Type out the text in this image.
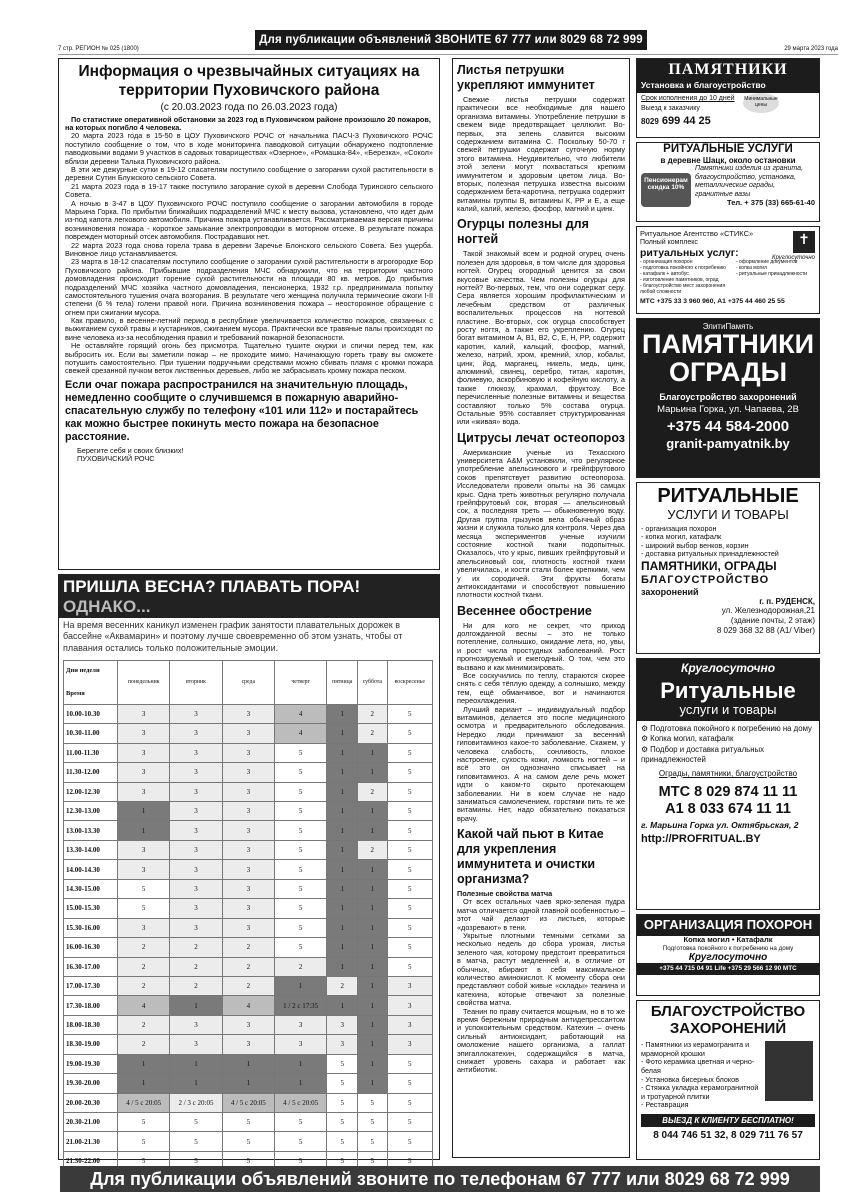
7 стр. РЕГИОН № 025 (1800)
Для публикации объявлений ЗВОНИТЕ 67 777 или 8029 68 72 999
29 марта 2023 года
Информация о чрезвычайных ситуациях на территории Пуховичского района
(с 20.03.2023 года по 26.03.2023 года)

По статистике оперативной обстановки за 2023 год в Пуховичском районе произошло 20 пожаров, на которых погибло 4 человека.

20 марта 2023 года в 15-50 в ЦОУ Пуховичского РОЧС от начальника ПАСЧ-3 Пуховичского РОЧС поступило сообщение о том, что в ходе мониторинга паводковой ситуации обнаружено подтопление паводковыми водами 9 участков в садовых товариществах «Озерное», «Ромашка-84», «Березка», «Сокол» вблизи деревни Талька Пуховичского района.

В эти же дежурные сутки в 19-12 спасателям поступило сообщение о загорании сухой растительности в деревни Сутин Блужского сельского Совета.

21 марта 2023 года в 19-17 также поступило загорание сухой в деревни Слобода Туринского сельского Совета.

А ночью в 3-47 в ЦОУ Пуховичского РОЧС поступило сообщение о загорании автомобиля в городе Марьина Горка. По прибытии ближайших подразделений МЧС к месту вызова, установлено, что идет дым из-под капота легкового автомобиля. Причина пожара устанавливается. Рассматриваемая версия причины возникновения пожара - короткое замыкание электропроводки в моторном отсеке. В результате пожара поврежден моторный отсек автомобиля. Пострадавших нет.

22 марта 2023 года снова горела трава в деревни Заречье Блонского сельского Совета. Без ущерба. Виновное лицо устанавливается.

23 марта в 18-12 спасателям поступило сообщение о загорании сухой растительности в агрогородке Бор Пуховичского района. Прибывшие подразделения МЧС обнаружили, что на территории частного домовладения происходит горение сухой растительности на площади 80 кв. метров. До прибытия подразделений МЧС хозяйка частного домовладения, пенсионерка, 1932 г.р. предпринимала попытку самостоятельного тушения очага возгорания. В результате чего женщина получила термические ожоги I-II степени (6 % тела) голени правой ноги. Причина возникновения пожара – неосторожное обращение с огнем при сжигании мусора.

Как правило, в весенне-летний период в республике увеличивается количество пожаров, связанных с выжиганием сухой травы и кустарников, сжиганием мусора. Практически все травяные палы происходят по вине человека из-за несоблюдения правил и требований пожарной безопасности.

Не оставляйте горящий огонь без присмотра. Тщательно тушите окурки и спички перед тем, как выбросить их. Если вы заметили пожар – не проходите мимо. Начинающую гореть траву вы сможете потушить самостоятельно. При тушении подручными средствами можно сбивать пламя с кромки пожара свежей срезанной пучком веток лиственных деревьев, либо же забрасывать кромку пожара песком.

Если очаг пожара распространился на значительную площадь, немедленно сообщите о случившемся в пожарную аварийно-спасательную службу по телефону «101 или 112» и постарайтесь как можно быстрее покинуть место пожара на безопасное расстояние.
Берегите себя и своих близких!
ПУХОВИЧСКИЙ РОЧС
ПРИШЛА ВЕСНА? ПЛАВАТЬ ПОРА! ОДНАКО...
На время весенних каникул изменен график занятости плавательных дорожек в бассейне «Аквамарин» и поэтому лучше своевременно об этом узнать, чтобы от плавания остались только положительные эмоции.
Дни недели
Время	понедельник	вторник	среда	четверг	пятница	суббота	воскресенье
10.00-10.30	3	3	3	4	1	2	5
10.30-11.00	3	3	3	4	1	2	5
11.00-11.30	3	3	3	5	1	1	5
11.30-12.00	3	3	3	5	1	1	5
12.00-12.30	3	3	3	5	1	2	5
12.30-13.00	1	3	3	5	1	1	5
13.00-13.30	1	3	3	5	1	1	5
13.30-14.00	3	3	3	5	1	2	5
14.00-14.30	3	3	3	5	1	1	5
14.30-15.00	5	3	3	5	1	1	5
15.00-15.30	5	3	3	5	1	1	5
15.30-16.00	3	3	3	5	1	1	5
16.00-16.30	2	2	2	5	1	1	5
16.30-17.00	2	2	2	2	1	1	5
17.00-17.30	2	2	2	1	2	1	3
17.30-18.00	4	1	4	1 / 2 c 17:35	1	1	3
18.00-18.30	2	3	3	3	3	1	3
18.30-19.00	2	3	3	3	3	1	3
19.00-19.30	1	1	1	1	5	1	5
19.30-20.00	1	1	1	1	5	1	5
20.00-20.30	4 / 5 c 20:05	2 / 3 c 20:05	4 / 5 c 20:05	4 / 5 c 20:05	5	5	5
20.30-21.00	5	5	5	5	5	5	5
21.00-21.30	5	5	5	5	5	5	5
21.30-22.00	5	5	5	5	5	5	5
Листья петрушки укрепляют иммунитет

Свежие листья петрушки содержат практически все необходимые для нашего организма витамины. Употребление петрушки в свежем виде предотвращает целлюлит. Во-первых, эта зелень славится высоким содержанием витамина С. Поскольку 50-70 г свежей петрушки содержат суточную норму этого витамина. Неудивительно, что любители этой зелени могут похвастаться крепким иммунитетом и здоровым цветом лица. Во-вторых, полезная петрушка известна высоким содержанием бета-каротина, петрушка содержит витамины группы В, витамины К, РР и Е, а еще калий, калий, железо, фосфор, магний и цинк.

Огурцы полезны для ногтей

Такой знакомый всем и родной огурец очень полезен для здоровья, в том числе для здоровья ногтей. Огурец огородный ценится за свои вкусовые качества. Чем полезны огурцы для ногтей? Во-первых, тем, что они содержат серу. Сера является хорошим профилактическим и лечебным средством от различных воспалительных процессов на ногтевой пластине. Во-вторых, сок огурца способствует росту ногтя, а также его укреплению. Огурец богат витамином A, B1, B2, C, E, H, PP, содержит каротин, калий, кальций, фосфор, магний, железо, натрий, хром, кремний, хлор, кобальт, цинк, йод, марганец, никель, медь, цинк, алюминий, свинец, серебро, титан, каротин, фолиевую, аскорбиновую и кофейную кислоту, а также глюкозу, крахмал, фруктозу. Все перечисленные полезные витамины и вещества составляют только 5% состава огурца. Остальные 95% составляет структурированная или «живая» вода.

Цитрусы лечат остеопороз

Американские ученые из Техасского университета A&M установили, что регулярное употребление апельсинового и грейпфрутового соков препятствует развитию остеопороза. Исследователи провели опыты на 36 самцах крыс. Одна треть животных регулярно получала грейпфрутовый сок, вторая — апельсиновый сок, а последняя треть — обыкновенную воду. Другая группа грызунов вела обычный образ жизни и служила только для контроля. Через два месяца экспериментов ученые изучили состояние костной ткани подопытных. Оказалось, что у крыс, пивших грейпфрутовый и апельсиновый сок, плотность костной ткани увеличилась, и кости стали более крепкими, чем у их сородичей. Эти фрукты богаты антиоксидантами и способствуют повышению плотности костной ткани.

Весеннее обострение

Ни для кого не секрет, что приход долгожданной весны – это не только потепление, солнышко, ожидание лета, но, увы, и рост числа простудных заболеваний. Рост прогнозируемый и ежегодный. О том, чем это вызвано и как минимизировать.

Все соскучились по теплу, стараются скорее снять с себя тёплую одежду, а солнышко, между тем, ещё обманчивое, вот и начинаются переохлаждения.

Лучший вариант – индивидуальный подбор витаминов, делается это после медицинского осмотра и предварительного обследования. Нередко люди принимают за весенний гиповитаминоз какое-то заболевание. Скажем, у человека слабость, сонливость, плохое настроение, сухость кожи, ломкость ногтей – и всё это он однозначно списывает на гиповитаминоз. А на самом деле речь может идти о каком-то скрыто протекающем заболевании. Ни в коем случае не надо заниматься самолечением, горстями пить те же витамины. Нет, надо обязательно показаться врачу.

Какой чай пьют в Китае для укрепления иммунитета и очистки организма?

Полезные свойства матча

От всех остальных чаев ярко-зеленая пудра матча отличается одной главной особенностью – этот чай делают из листьев, которые «дозревают» в тени.

Укрытые плотными темными сетками за несколько недель до сбора урожая, листья зеленого чая, которому предстоит превратиться в матча, растут медленней и, в отличие от обычных, вбирают в себя максимальное количество аминокислот. К моменту сбора они представляют собой живые «склады» теанина и катехина, которые отвечают за полезные свойства матча.

Теанин по праву считается мощным, но в то же время бережным природным антидепрессантом и успокоительным средством. Катехин – очень сильный антиоксидант, работающий на омоложение нашего организма, а галлат эпигаллокатехин, содержащийся в матча, снижает уровень сахара и работает как антибиотик.

ПАМЯТНИКИ
Установка и благоустройство
Срок исполнения до 10 дней	Минимальные цены
Выезд к заказчику
8029 699 44 25
РИТУАЛЬНЫЕ УСЛУГИ
в деревне Шацк, около остановки
Пенсионерам скидка 10%
Памятники изделия из гранита,
благоустройство, установка,
металлические ограды,
гранитные вазы
Тел. + 375 (33) 665-61-40
Ритуальное Агентство «СТИКС»
Полный комплекс
ритуальных услуг:
✝
Круглосуточно
- организация похорон
- подготовка покойного к погребению
- катафалк + автобус
- изготовление памятников, оград
- благоустройство мест захоронения любой сложности
- оформление документов
- копка могил
- ритуальные принадлежности
МТС +375 33 3 960 960, А1 +375 44 460 25 55
ЭлитиПамять
ПАМЯТНИКИ
ОГРАДЫ
Благоустройство захоронений
Марьина Горка, ул. Чапаева, 2В
+375 44 584-2000
granit-pamyatnik.by
РИТУАЛЬНЫЕ
УСЛУГИ И ТОВАРЫ
- организация похорон
- копка могил, катафалк
- широкий выбор венков, корзин
- доставка ритуальных принадлежностей
ПАМЯТНИКИ, ОГРАДЫ
БЛАГОУСТРОЙСТВО
захоронений
г. п. РУДЕНСК,
ул. Железнодорожная,21
(здание почты, 2 этаж)
8 029 368 32 88 (А1/ Viber)
Круглосуточно
Ритуальные
услуги и товары
⚙ Подготовка покойного к погребению на дому
⚙ Копка могил, катафалк
⚙ Подбор и доставка ритуальных принадлежностей
Ограды, памятники, благоустройство
МТС 8 029 874 11 11
А1 8 033 674 11 11
г. Марьина Горка ул. Октябрьская, 2
http://PROFRITUAL.BY
ОРГАНИЗАЦИЯ ПОХОРОН
Копка могил • Катафалк
Подготовка покойного к погребению на дому
Круглосуточно
+375 44 715 04 91 Life +375 29 566 12 90 МТС
БЛАГОУСТРОЙСТВО ЗАХОРОНЕНИЙ
- Памятники из керамогранита и мраморной крошки
- Фото керамика цветная и черно-белая
- Установка бисерных блоков
- Стяжка укладка керамогранитной и тротуарной плитки
- Реставрация
ВЫЕЗД К КЛИЕНТУ БЕСПЛАТНО!
8 044 746 51 32, 8 029 711 76 57
Для публикации объявлений звоните по телефонам 67 777 или 8029 68 72 999
